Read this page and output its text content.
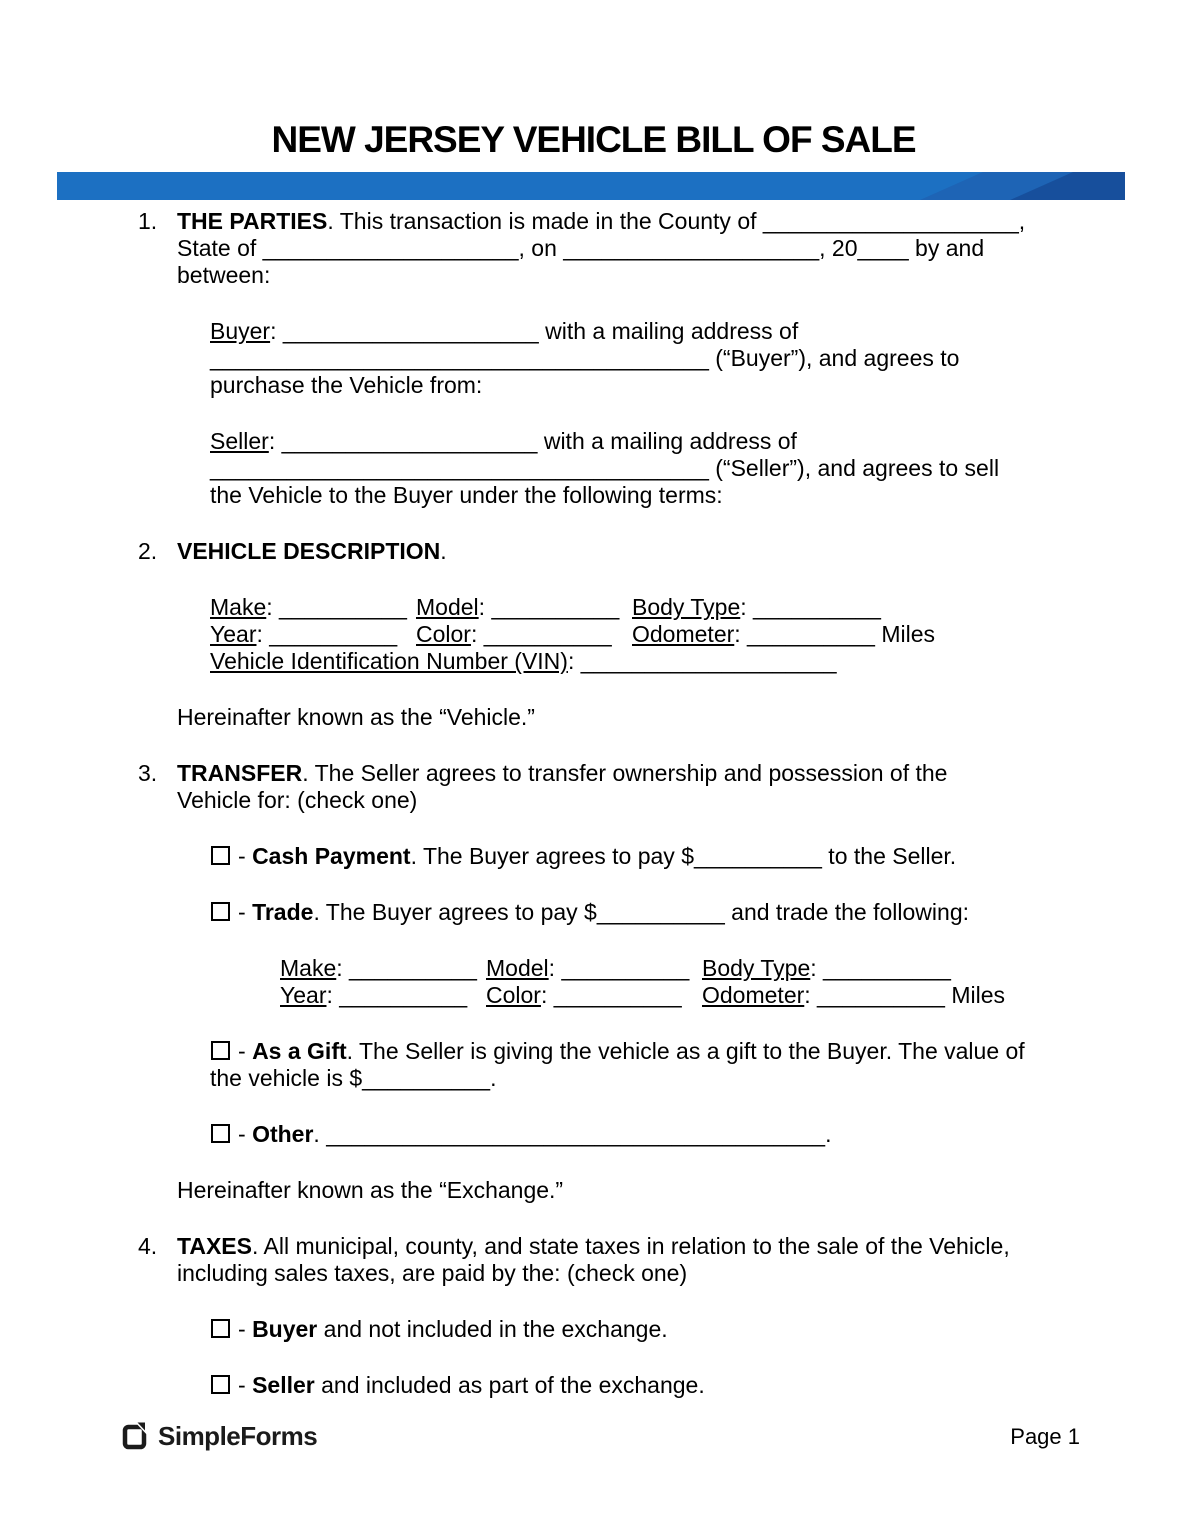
NEW JERSEY VEHICLE BILL OF SALE
1. THE PARTIES. This transaction is made in the County of ____________________,
State of ____________________, on ____________________, 20____ by and
between:
Buyer: ____________________ with a mailing address of
_______________________________________ (“Buyer”), and agrees to
purchase the Vehicle from:
Seller: ____________________ with a mailing address of
_______________________________________ (“Seller”), and agrees to sell
the Vehicle to the Buyer under the following terms:
2. VEHICLE DESCRIPTION.
Make: __________ Model: __________ Body Type: __________
Year: __________ Color: __________ Odometer: __________ Miles
Vehicle Identification Number (VIN): ____________________
Hereinafter known as the “Vehicle.”
3. TRANSFER. The Seller agrees to transfer ownership and possession of the
Vehicle for: (check one)
- Cash Payment. The Buyer agrees to pay $__________ to the Seller.
- Trade. The Buyer agrees to pay $__________ and trade the following:
Make: __________ Model: __________ Body Type: __________
Year: __________ Color: __________ Odometer: __________ Miles
- As a Gift. The Seller is giving the vehicle as a gift to the Buyer. The value of
the vehicle is $__________.
- Other. _______________________________________.
Hereinafter known as the “Exchange.”
4. TAXES. All municipal, county, and state taxes in relation to the sale of the Vehicle,
including sales taxes, are paid by the: (check one)
- Buyer and not included in the exchange.
- Seller and included as part of the exchange.
SimpleForms	Page 1
